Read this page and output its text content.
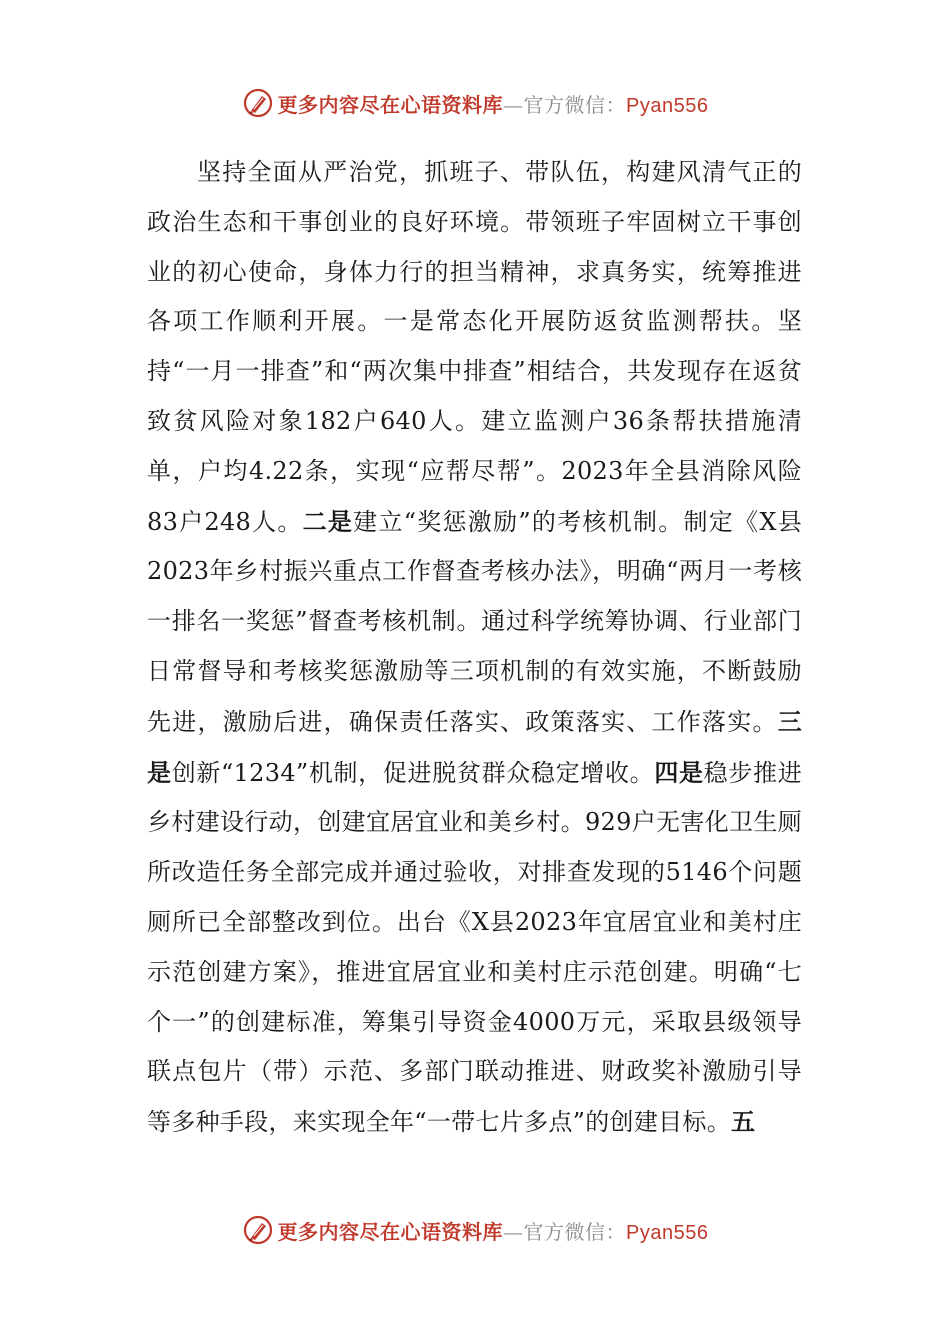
更多内容尽在心语资料库—官方微信：Pyan556

坚持全面从严治党，抓班子、带队伍，构建风清气正的政治生态和干事创业的良好环境。带领班子牢固树立干事创业的初心使命，身体力行的担当精神，求真务实，统筹推进各项工作顺利开展。一是常态化开展防返贫监测帮扶。坚持“一月一排查”和“两次集中排查”相结合，共发现存在返贫致贫风险对象182户640人。建立监测户36条帮扶措施清单，户均4.22条，实现“应帮尽帮”。2023年全县消除风险83户248人。二是建立“奖惩激励”的考核机制。制定《X县2023年乡村振兴重点工作督查考核办法》，明确“两月一考核一排名一奖惩”督查考核机制。通过科学统筹协调、行业部门日常督导和考核奖惩激励等三项机制的有效实施，不断鼓励先进，激励后进，确保责任落实、政策落实、工作落实。三是创新“1234”机制，促进脱贫群众稳定增收。四是稳步推进乡村建设行动，创建宜居宜业和美乡村。929户无害化卫生厕所改造任务全部完成并通过验收，对排查发现的5146个问题厕所已全部整改到位。出台《X县2023年宜居宜业和美村庄示范创建方案》，推进宜居宜业和美村庄示范创建。明确“七个一”的创建标准，筹集引导资金4000万元，采取县级领导联点包片（带）示范、多部门联动推进、财政奖补激励引导等多种手段，来实现全年“一带七片多点”的创建目标。五

更多内容尽在心语资料库—官方微信：Pyan556
